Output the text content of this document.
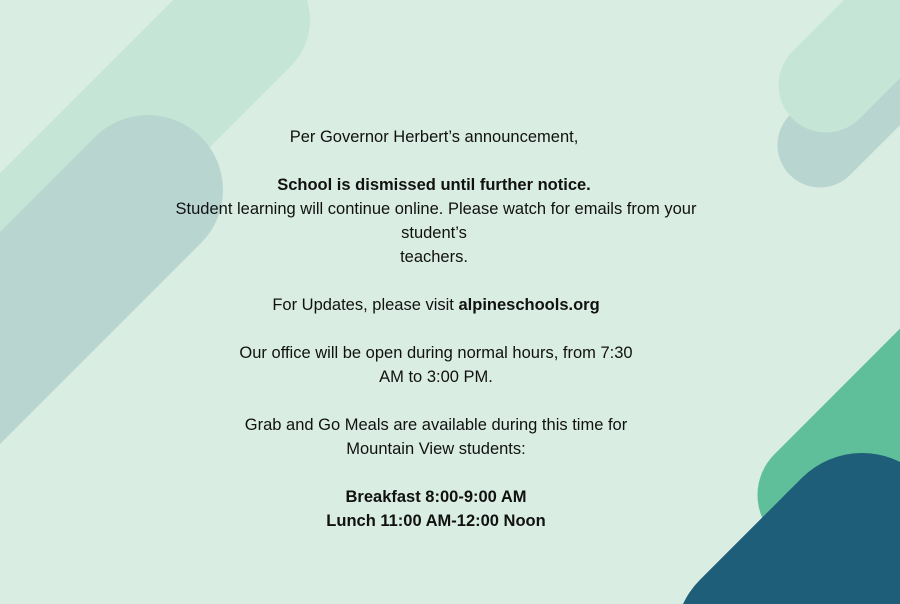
Per Governor Herbert’s announcement,
School is dismissed until further notice.
Student learning will continue online. Please watch for emails from your
student’s
teachers.
For Updates, please visit alpineschools.org
Our office will be open during normal hours, from 7:30
AM to 3:00 PM.
Grab and Go Meals are available during this time for
Mountain View students:
Breakfast 8:00-9:00 AM
Lunch 11:00 AM-12:00 Noon
